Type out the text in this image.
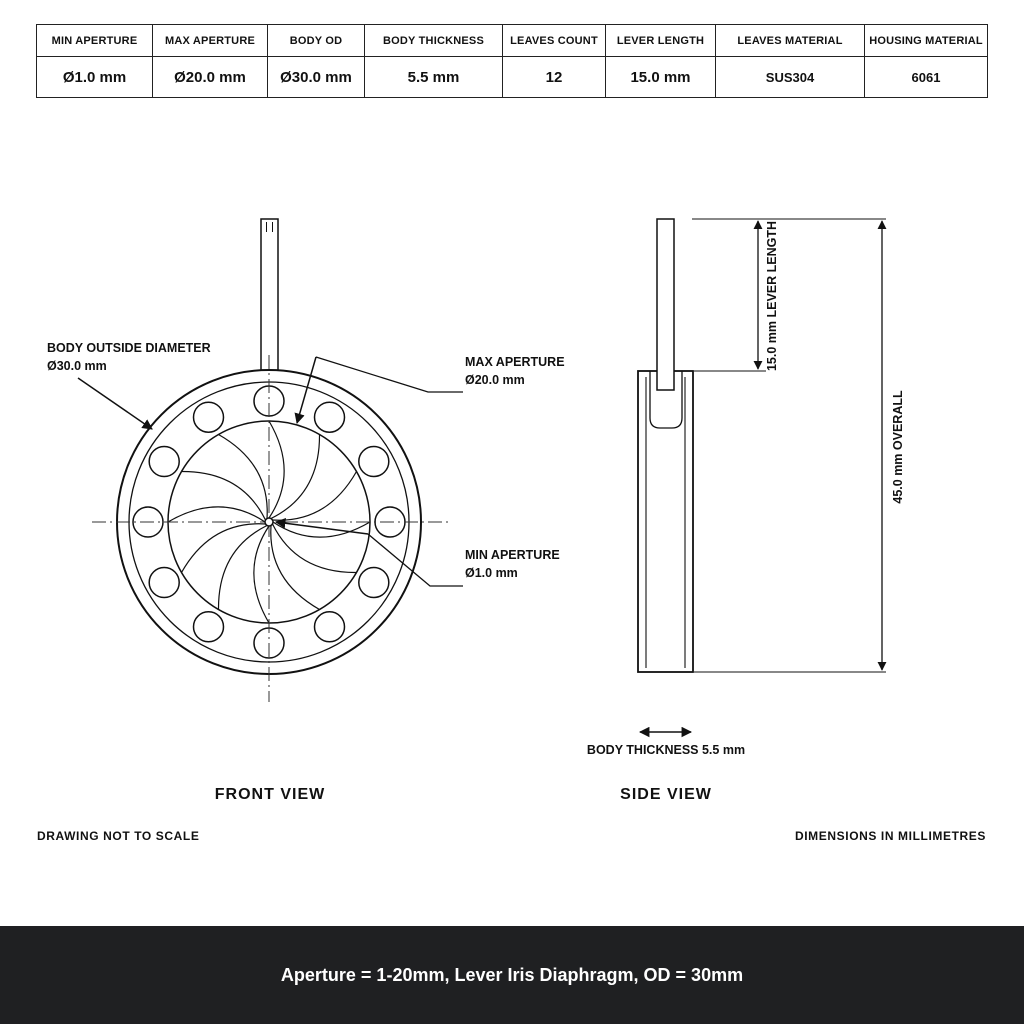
MIN APERTURE	MAX APERTURE	BODY OD	BODY THICKNESS	LEAVES COUNT	LEVER LENGTH	LEAVES MATERIAL	HOUSING MATERIAL
Ø1.0 mm	Ø20.0 mm	Ø30.0 mm	5.5 mm	12	15.0 mm	SUS304	6061
BODY OUTSIDE DIAMETER
Ø30.0 mm	MAX APERTURE
Ø20.0 mm
MIN APERTURE
Ø1.0 mm
FRONT VIEW
15.0 mm LEVER LENGTH
45.0 mm OVERALL
BODY THICKNESS 5.5 mm
SIDE VIEW
DRAWING NOT TO SCALE	DIMENSIONS IN MILLIMETRES
Aperture = 1-20mm, Lever Iris Diaphragm, OD = 30mm
